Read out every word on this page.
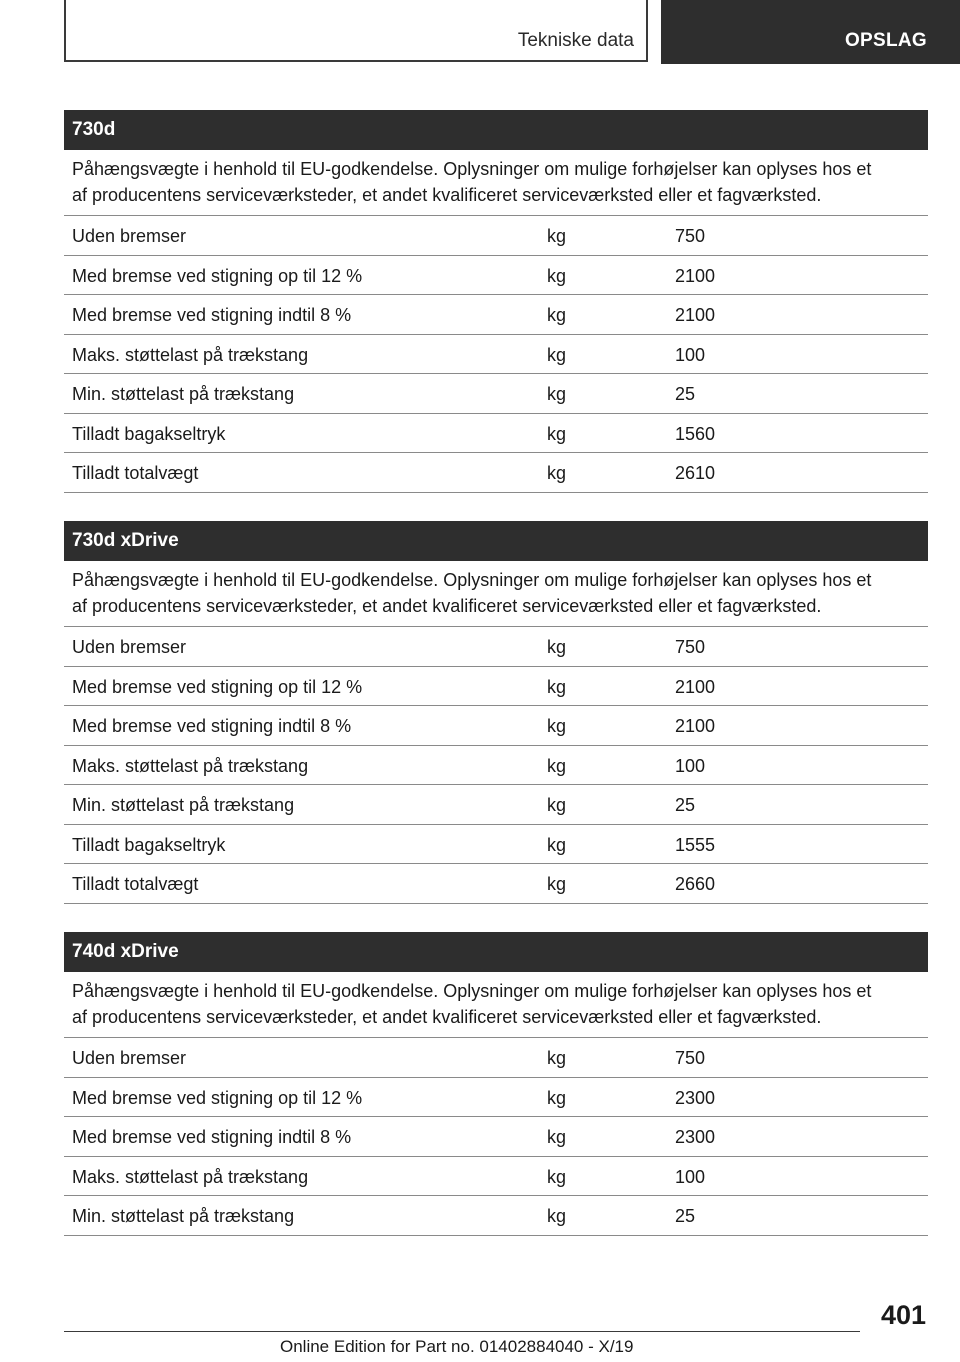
Tekniske data	OPSLAG
730d
Påhængsvægte i henhold til EU-godkendelse. Oplysninger om mulige forhøjelser kan oplyses hos et
af producentens serviceværksteder, et andet kvalificeret serviceværksted eller et fagværksted.
Uden bremser	kg	750
Med bremse ved stigning op til 12 %	kg	2100
Med bremse ved stigning indtil 8 %	kg	2100
Maks. støttelast på trækstang	kg	100
Min. støttelast på trækstang	kg	25
Tilladt bagakseltryk	kg	1560
Tilladt totalvægt	kg	2610
730d xDrive
Påhængsvægte i henhold til EU-godkendelse. Oplysninger om mulige forhøjelser kan oplyses hos et
af producentens serviceværksteder, et andet kvalificeret serviceværksted eller et fagværksted.
Uden bremser	kg	750
Med bremse ved stigning op til 12 %	kg	2100
Med bremse ved stigning indtil 8 %	kg	2100
Maks. støttelast på trækstang	kg	100
Min. støttelast på trækstang	kg	25
Tilladt bagakseltryk	kg	1555
Tilladt totalvægt	kg	2660
740d xDrive
Påhængsvægte i henhold til EU-godkendelse. Oplysninger om mulige forhøjelser kan oplyses hos et
af producentens serviceværksteder, et andet kvalificeret serviceværksted eller et fagværksted.
Uden bremser	kg	750
Med bremse ved stigning op til 12 %	kg	2300
Med bremse ved stigning indtil 8 %	kg	2300
Maks. støttelast på trækstang	kg	100
Min. støttelast på trækstang	kg	25
401
Online Edition for Part no. 01402884040 - X/19
